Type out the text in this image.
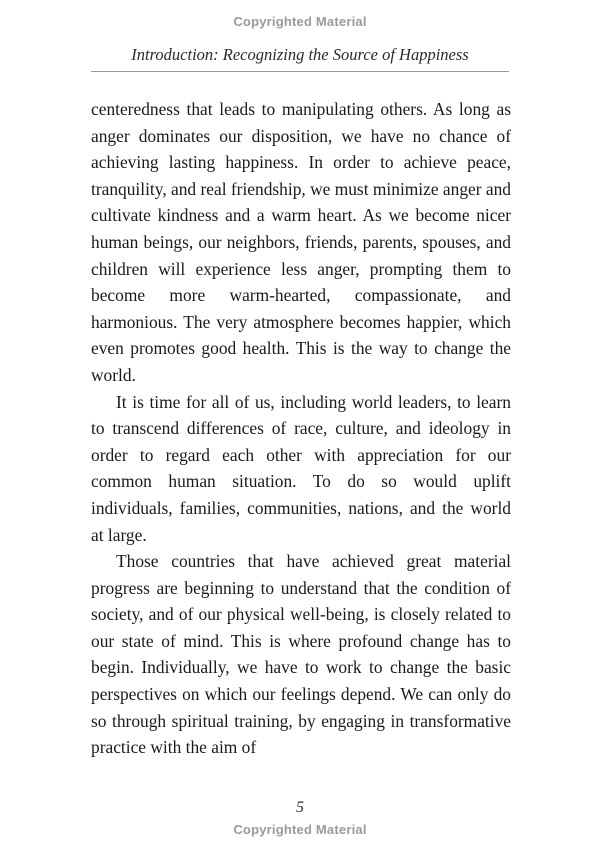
Copyrighted Material
Introduction: Recognizing the Source of Happiness

centeredness that leads to manipulating others. As long as anger dominates our disposition, we have no chance of achieving lasting happiness. In order to achieve peace, tranquility, and real friendship, we must minimize anger and cultivate kindness and a warm heart. As we become nicer human beings, our neighbors, friends, parents, spouses, and children will experience less anger, prompting them to become more warm-hearted, compassionate, and harmonious. The very atmosphere becomes happier, which even promotes good health. This is the way to change the world.

It is time for all of us, including world leaders, to learn to transcend differences of race, culture, and ideology in order to regard each other with appreciation for our common human situation. To do so would uplift individuals, families, communities, nations, and the world at large.

Those countries that have achieved great material progress are beginning to understand that the condition of society, and of our physical well-being, is closely related to our state of mind. This is where profound change has to begin. Individually, we have to work to change the basic perspectives on which our feelings depend. We can only do so through spiritual training, by engaging in transformative practice with the aim of

5
Copyrighted Material
